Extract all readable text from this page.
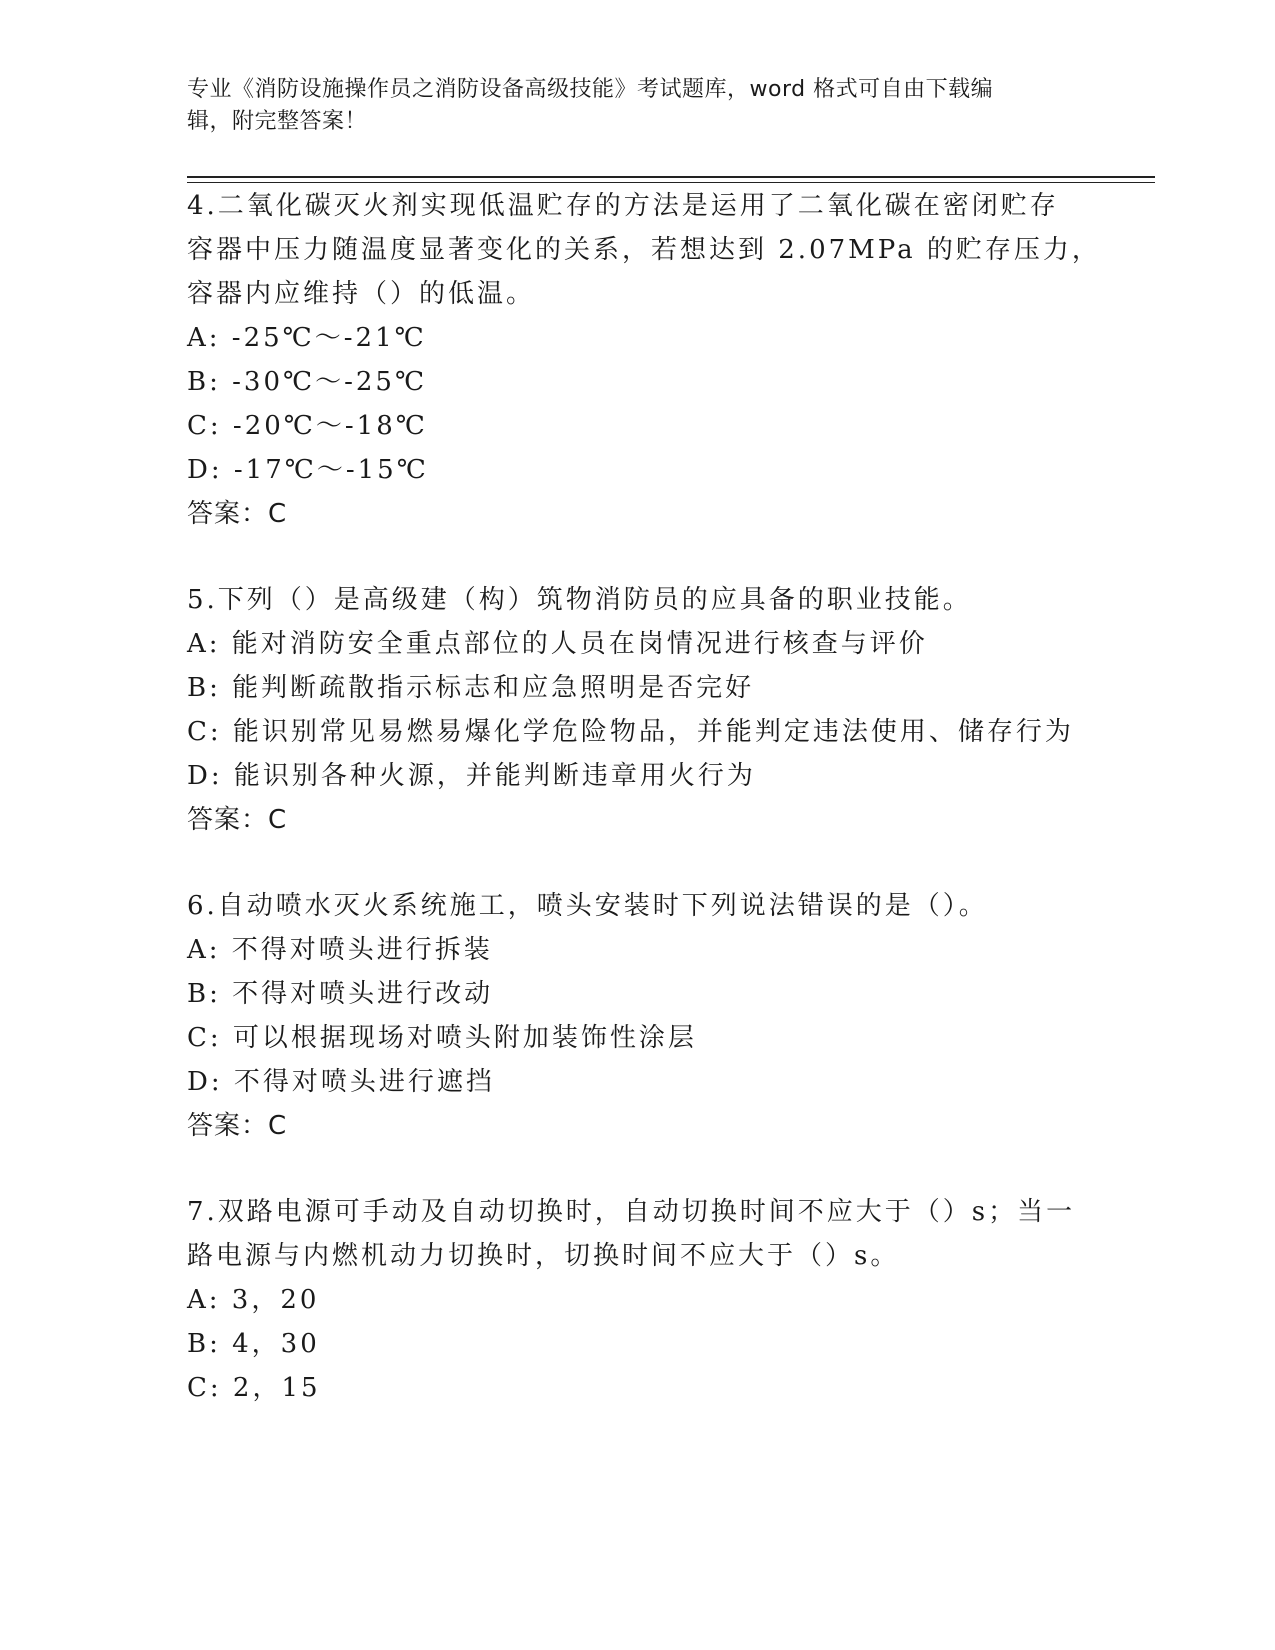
专业《消防设施操作员之消防设备高级技能》考试题库，word 格式可自由下载编
辑，附完整答案！
4.二氧化碳灭火剂实现低温贮存的方法是运用了二氧化碳在密闭贮存
容器中压力随温度显著变化的关系，若想达到 2.07MPa 的贮存压力，
容器内应维持（）的低温。
A: -25℃～-21℃
B: -30℃～-25℃
C: -20℃～-18℃
D: -17℃～-15℃
答案：C
5.下列（）是高级建（构）筑物消防员的应具备的职业技能。
A: 能对消防安全重点部位的人员在岗情况进行核查与评价
B: 能判断疏散指示标志和应急照明是否完好
C: 能识别常见易燃易爆化学危险物品，并能判定违法使用、储存行为
D: 能识别各种火源，并能判断违章用火行为
答案：C
6.自动喷水灭火系统施工，喷头安装时下列说法错误的是（）。
A: 不得对喷头进行拆装
B: 不得对喷头进行改动
C: 可以根据现场对喷头附加装饰性涂层
D: 不得对喷头进行遮挡
答案：C
7.双路电源可手动及自动切换时，自动切换时间不应大于（）s；当一
路电源与内燃机动力切换时，切换时间不应大于（）s。
A: 3，20
B: 4，30
C: 2，15
